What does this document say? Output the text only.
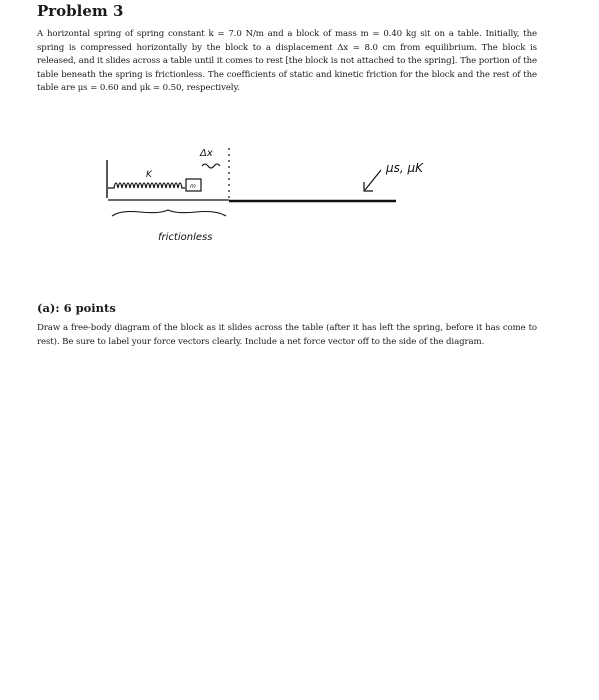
Problem 3

A horizontal spring of spring constant k = 7.0 N/m and a block of mass m = 0.40 kg sit on a table. Initially, the spring is compressed horizontally by the block to a displacement Δx = 8.0 cm from equilibrium. The block is released, and it slides across a table until it comes to rest [the block is not attached to the spring]. The portion of the table beneath the spring is frictionless. The coefficients of static and kinetic friction for the block and the rest of the table are μs = 0.60 and μk = 0.50, respectively.

m
K
Δx
frictionless
μs, μK
(a): 6 points

Draw a free-body diagram of the block as it slides across the table (after it has left the spring, before it has come to rest). Be sure to label your force vectors clearly. Include a net force vector off to the side of the diagram.
